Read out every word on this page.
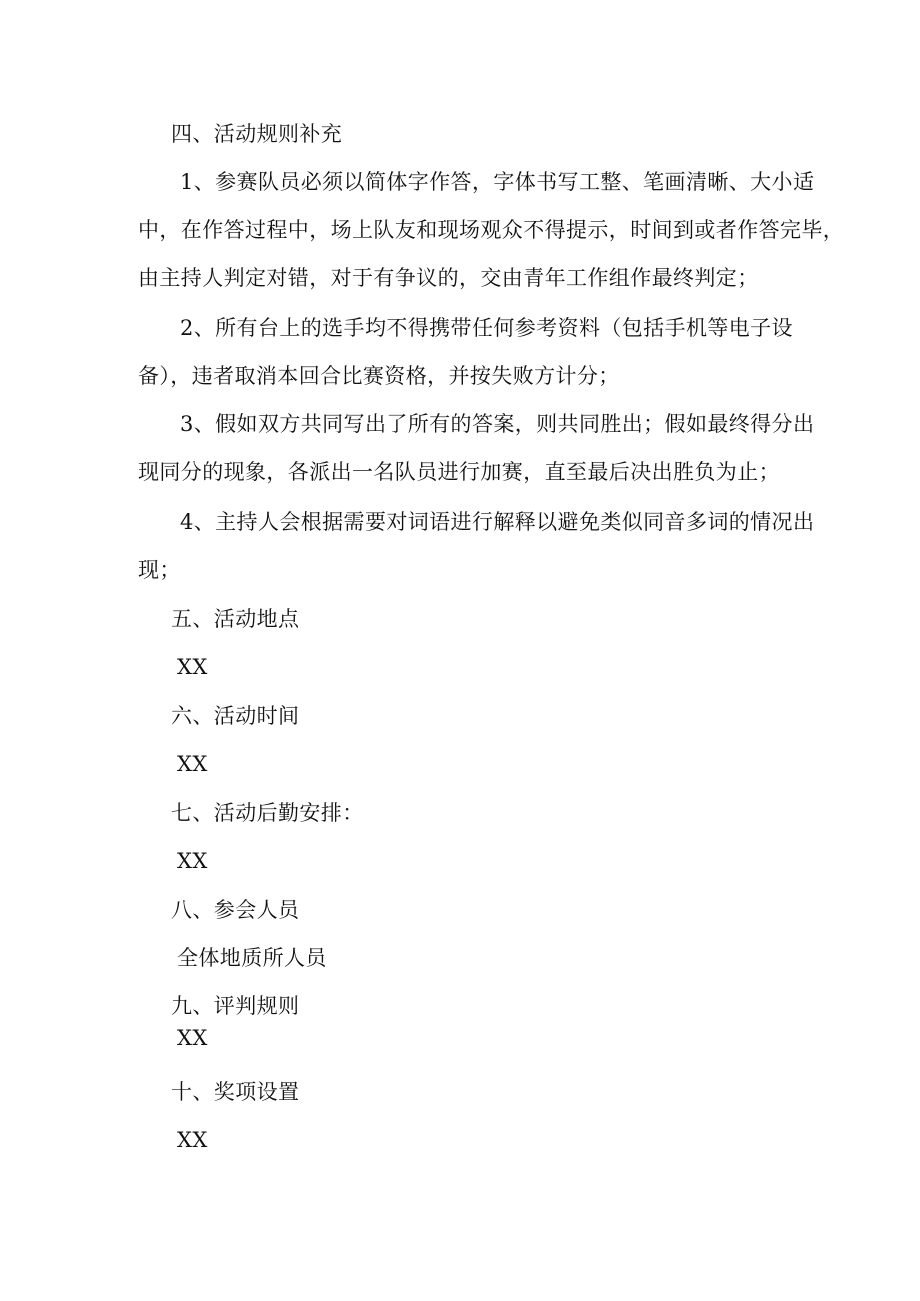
四、活动规则补充
1、参赛队员必须以简体字作答，字体书写工整、笔画清晰、大小适
中，在作答过程中，场上队友和现场观众不得提示，时间到或者作答完毕，
由主持人判定对错，对于有争议的，交由青年工作组作最终判定；
2、所有台上的选手均不得携带任何参考资料（包括手机等电子设
备），违者取消本回合比赛资格，并按失败方计分；
3、假如双方共同写出了所有的答案，则共同胜出；假如最终得分出
现同分的现象，各派出一名队员进行加赛，直至最后决出胜负为止；
4、主持人会根据需要对词语进行解释以避免类似同音多词的情况出
现；
五、活动地点
XX
六、活动时间
XX
七、活动后勤安排：
XX
八、参会人员
全体地质所人员
九、评判规则
XX
十、奖项设置
XX
